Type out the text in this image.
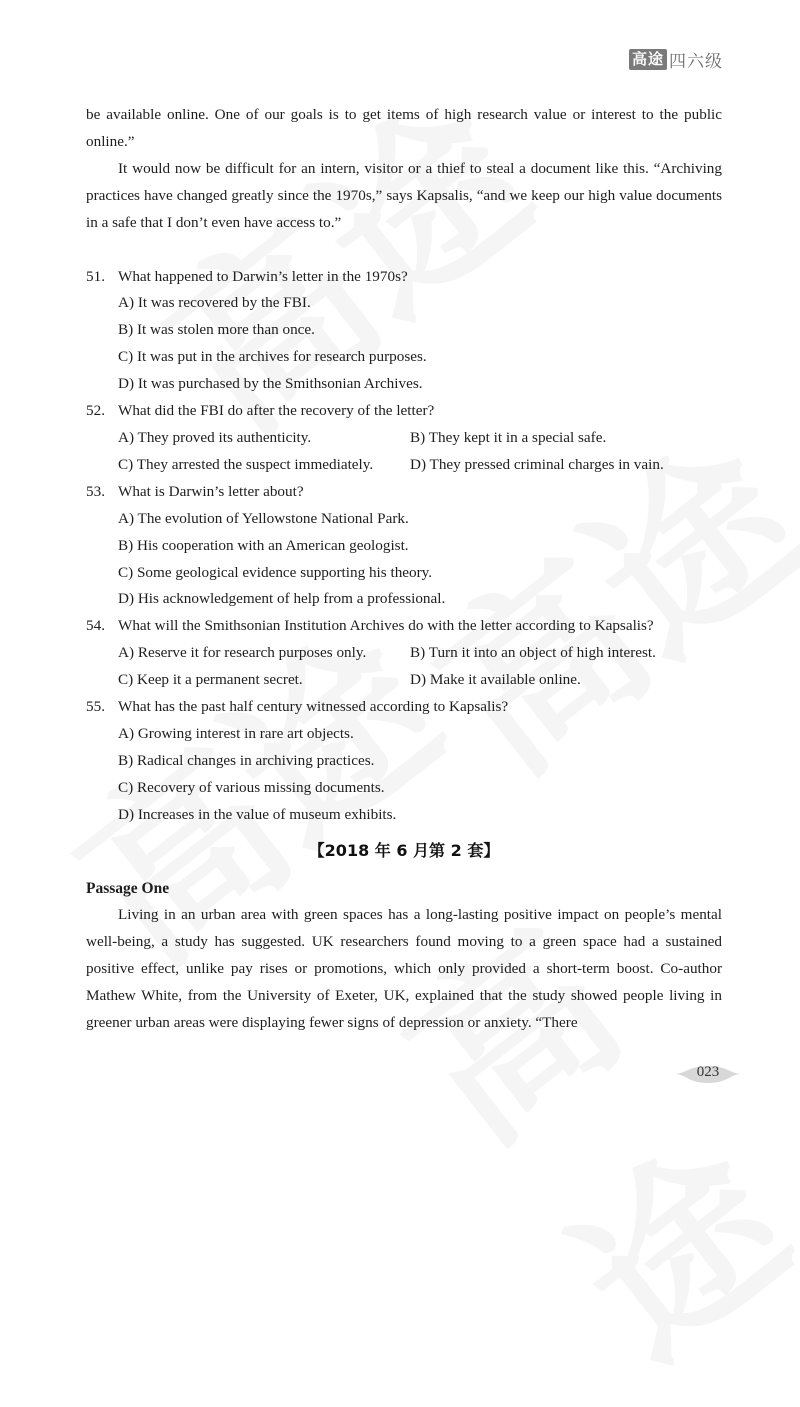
高途 四六级

be available online. One of our goals is to get items of high research value or interest to the public online.”

It would now be difficult for an intern, visitor or a thief to steal a document like this. “Archiving practices have changed greatly since the 1970s,” says Kapsalis, “and we keep our high value documents in a safe that I don’t even have access to.”

51. What happened to Darwin’s letter in the 1970s?
A) It was recovered by the FBI.
B) It was stolen more than once.
C) It was put in the archives for research purposes.
D) It was purchased by the Smithsonian Archives.
52. What did the FBI do after the recovery of the letter?
A) They proved its authenticity.	B) They kept it in a special safe.
C) They arrested the suspect immediately.	D) They pressed criminal charges in vain.
53. What is Darwin’s letter about?
A) The evolution of Yellowstone National Park.
B) His cooperation with an American geologist.
C) Some geological evidence supporting his theory.
D) His acknowledgement of help from a professional.
54. What will the Smithsonian Institution Archives do with the letter according to Kapsalis?
A) Reserve it for research purposes only.	B) Turn it into an object of high interest.
C) Keep it a permanent secret.	D) Make it available online.
55. What has the past half century witnessed according to Kapsalis?
A) Growing interest in rare art objects.
B) Radical changes in archiving practices.
C) Recovery of various missing documents.
D) Increases in the value of museum exhibits.
【2018 年 6 月第 2 套】
Passage One

Living in an urban area with green spaces has a long-lasting positive impact on people’s mental well-being, a study has suggested. UK researchers found moving to a green space had a sustained positive effect, unlike pay rises or promotions, which only provided a short-term boost. Co-author Mathew White, from the University of Exeter, UK, explained that the study showed people living in greener urban areas were displaying fewer signs of depression or anxiety. “There

023
